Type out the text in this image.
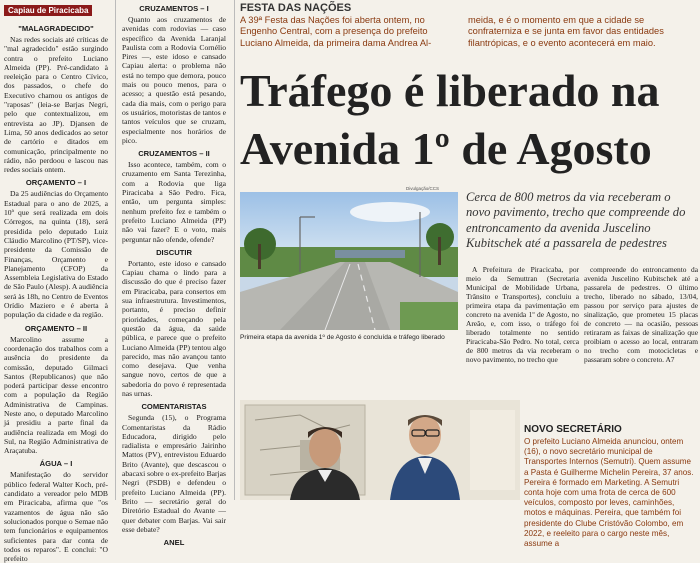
Capiau de Piracicaba
"MALAGRADECIDO"

Nas redes sociais até críticas de "mal agradecido" estão surgindo contra o prefeito Luciano Almeida (PP). Pré-candidato à reeleição para o Centro Cívico, dos passados, o chefe do Executivo chamou os antigos de "raposas" (leia-se Barjas Negri, pelo que contextualizou, em entrevista ao JP). Djansen de Lima, 50 anos dedicados ao setor de cartório e ditados em comunicação, principalmente no rádio, não perdoou e lascou nas redes sociais ontem.

ORÇAMENTO – I

Da 25 audiências do Orçamento Estadual para o ano de 2025, a 10ª que será realizada em dois Córregos, na quinta (18), será presidida pelo deputado Luiz Cláudio Marcolino (PT/SP), vice-presidente da Comissão de Finanças, Orçamento e Planejamento (CFOP) da Assembleia Legislativa do Estado de São Paulo (Alesp). A audiência será às 18h, no Centro de Eventos Orídio Maziero e é aberta à população da cidade e da região.

ORÇAMENTO – II

Marcolino assume a coordenação dos trabalhos com a ausência do presidente da comissão, deputado Gilmaci Santos (Republicanos) que não poderá participar desse encontro com a população da Região Administrativa de Campinas. Neste ano, o deputado Marcolino já presidiu a parte final da audiência realizada em Mogi do Sul, na Região Administrativa de Araçatuba.

ÁGUA – I

Manifestação do servidor público federal Walter Koch, pré-candidato a vereador pelo MDB em Piracicaba, afirma que "os vazamentos de água não são solucionados porque o Semae não tem funcionários e equipamentos suficientes para dar conta de todos os reparos". E conclui: "O prefeito

CRUZAMENTOS – I

Quanto aos cruzamentos de avenidas com rodovias — caso específico da Avenida Laranjal Paulista com a Rodovia Cornélio Pires —, este idoso e cansado Capiau alerta: o problema não está no tempo que demora, pouco mais ou pouco menos, para o acesso; a questão está pesando, cada dia mais, com o perigo para os usuários, motoristas de tantos e tantos veículos que se cruzam, especialmente nos horários de pico.

CRUZAMENTOS – II

Isso acontece, também, com o cruzamento em Santa Terezinha, com a Rodovia que liga Piracicaba a São Pedro. Fica, então, um pergunta simples: nenhum prefeito fez e também o prefeito Luciano Almeida (PP) não vai fazer? E o voto, mais perguntar não ofende, ofende?

DISCUTIR

Portanto, este idoso e cansado Capiau chama o lindo para a discussão do que é preciso fazer em Piracicaba, para consertos em sua infraestrutura. Investimentos, portanto, é preciso definir prioridades, começando pela questão da água, da saúde pública, e parece que o prefeito Luciano Almeida (PP) tentou algo parecido, mas não avançou tanto como desejava. Que venha sangue novo, certos de que a sabedoria do povo é representada nas urnas.

COMENTARISTAS

Segunda (15), o Programa Comentaristas da Rádio Educadora, dirigido pelo radialista e empresário Jairinho Mattos (PV), entrevistou Eduardo Brito (Avante), que descascou o abacaxi sobre o ex-prefeito Barjas Negri (PSDB) e defendeu o prefeito Luciano Almeida (PP). Brito — secretário geral do Diretório Estadual do Avante — quer debater com Barjas. Vai sair esse debate?

ANEL
FESTA DAS NAÇÕES
A 39ª Festa das Nações foi aberta ontem, no Engenho Central, com a presença do prefeito Luciano Almeida, da primeira dama Andrea Al-
meida, e é o momento em que a cidade se confraterniza e se junta em favor das entidades filantrópicas, e o evento acontecerá em maio.
Tráfego é liberado na
Avenida 1º de Agosto
Divulgação/CCS
Primeira etapa da avenida 1º de Agosto é concluída e tráfego liberado

Cerca de 800 metros da via receberam o novo pavimento, trecho que compreende do entroncamento da avenida Juscelino Kubitschek até a passarela de pedestres

A Prefeitura de Piracicaba, por meio da Semuttran (Secretaria Municipal de Mobilidade Urbana, Trânsito e Transportes), concluiu a primeira etapa da pavimentação em concreto na avenida 1º de Agosto, no Areão, e, com isso, o tráfego foi liberado totalmente no sentido Piracicaba-São Pedro. No total, cerca de 800 metros da via receberam o novo pavimento, no trecho que

compreende do entroncamento da avenida Juscelino Kubitschek até a passarela de pedestres. O último trecho, liberado no sábado, 13/04, passou por serviço para ajustes de sinalização, que prometeu 15 placas de concreto — na ocasião, pessoas retiraram as faixas de sinalização que proibiam o acesso ao local, entraram no trecho com motocicletas e passaram sobre o concreto. A7

NOVO SECRETÁRIO

O prefeito Luciano Almeida anunciou, ontem (16), o novo secretário municipal de Transportes Internos (Semutri). Quem assume a Pasta é Guilherme Michelin Pereira, 37 anos. Pereira é formado em Marketing. A Semutri conta hoje com uma frota de cerca de 600 veículos, composto por leves, caminhões, motos e máquinas. Pereira, que também foi presidente do Clube Cristóvão Colombo, em 2022, e reeleito para o cargo neste mês, assume a
